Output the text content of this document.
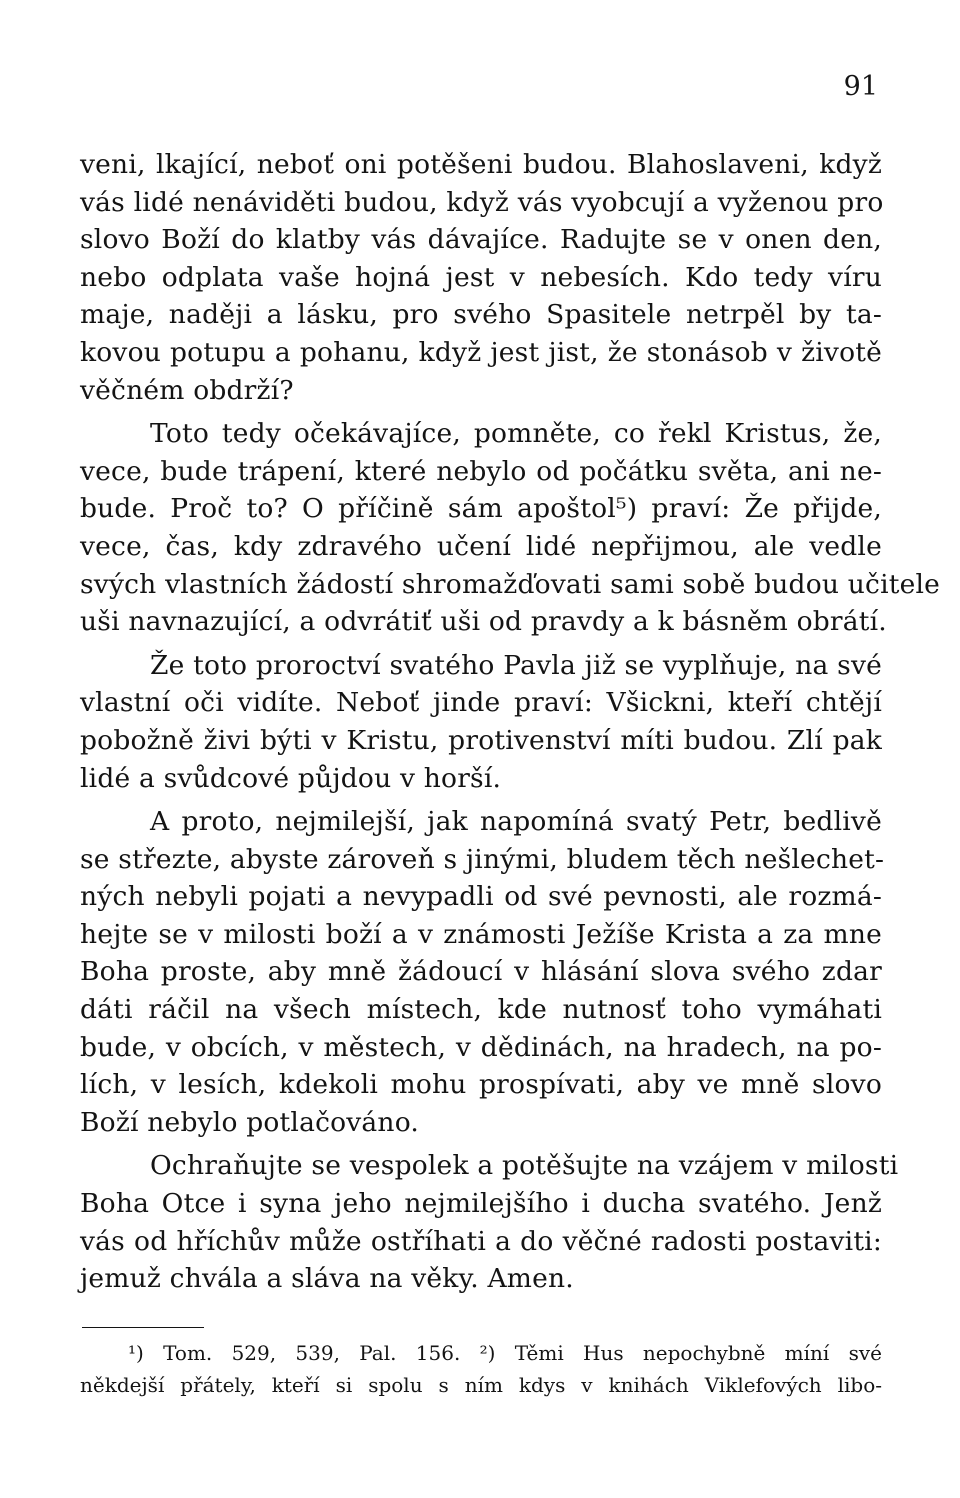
91
veni, lkající, neboť oni potěšeni budou. Blahoslaveni, když
vás lidé nenáviděti budou, když vás vyobcují a vyženou pro
slovo Boží do klatby vás dávajíce. Radujte se v onen den,
nebo odplata vaše hojná jest v nebesích. Kdo tedy víru
maje, naději a lásku, pro svého Spasitele netrpěl by ta-
kovou potupu a pohanu, když jest jist, že stonásob v životě
věčném obdrží?
Toto tedy očekávajíce, pomněte, co řekl Kristus, že,
vece, bude trápení, které nebylo od počátku světa, ani ne-
bude. Proč to? O příčině sám apoštol⁵) praví: Že přijde,
vece, čas, kdy zdravého učení lidé nepřijmou, ale vedle
svých vlastních žádostí shromažďovati sami sobě budou učitele
uši navnazující, a odvrátiť uši od pravdy a k básněm obrátí.
Že toto proroctví svatého Pavla již se vyplňuje, na své
vlastní oči vidíte. Neboť jinde praví: Všickni, kteří chtějí
pobožně živi býti v Kristu, protivenství míti budou. Zlí pak
lidé a svůdcové půjdou v horší.
A proto, nejmilejší, jak napomíná svatý Petr, bedlivě
se střezte, abyste zároveň s jinými, bludem těch nešlechet-
ných nebyli pojati a nevypadli od své pevnosti, ale rozmá-
hejte se v milosti boží a v známosti Ježíše Krista a za mne
Boha proste, aby mně žádoucí v hlásání slova svého zdar
dáti ráčil na všech místech, kde nutnosť toho vymáhati
bude, v obcích, v městech, v dědinách, na hradech, na po-
lích, v lesích, kdekoli mohu prospívati, aby ve mně slovo
Boží nebylo potlačováno.
Ochraňujte se vespolek a potěšujte na vzájem v milosti
Boha Otce i syna jeho nejmilejšího i ducha svatého. Jenž
vás od hříchův může ostříhati a do věčné radosti postaviti:
jemuž chvála a sláva na věky. Amen.
¹) Tom. 529, 539, Pal. 156. ²) Těmi Hus nepochybně míní své
někdejší přátely, kteří si spolu s ním kdys v knihách Viklefových libo-
